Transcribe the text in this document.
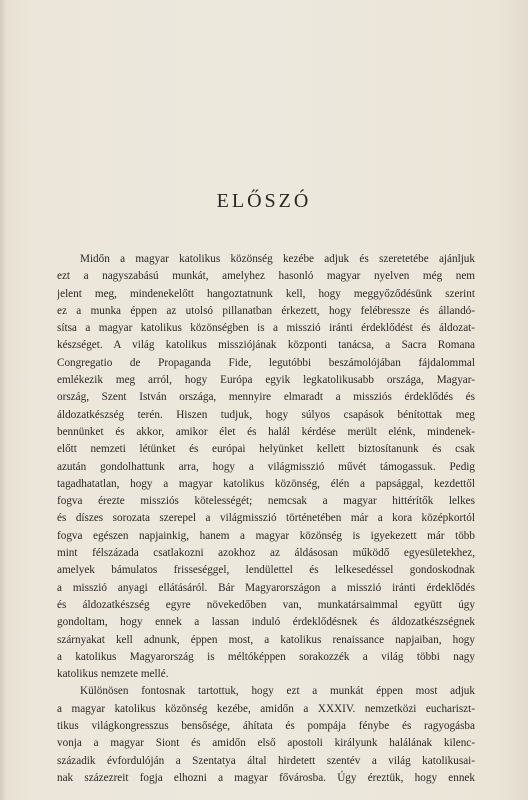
ELŐSZÓ
Midőn a magyar katolikus közönség kezébe adjuk és szeretetébe ajánljuk
ezt a nagyszabású munkát, amelyhez hasonló magyar nyelven még nem
jelent meg, mindenekelőtt hangoztatnunk kell, hogy meggyőződésünk szerint
ez a munka éppen az utolsó pillanatban érkezett, hogy felébressze és állandó-
sítsa a magyar katolikus közönségben is a misszió iránti érdeklődést és áldozat-
készséget. A világ katolikus missziójának központi tanácsa, a Sacra Romana
Congregatio de Propaganda Fide, legutóbbi beszámolójában fájdalommal
emlékezik meg arról, hogy Európa egyik legkatolikusabb országa, Magyar-
ország, Szent István országa, mennyire elmaradt a missziós érdeklődés és
áldozatkészség terén. Hiszen tudjuk, hogy súlyos csapások bénítottak meg
bennünket és akkor, amikor élet és halál kérdése merült elénk, mindenek-
előtt nemzeti létünket és európai helyünket kellett biztosítanunk és csak
azután gondolhattunk arra, hogy a világmisszió művét támogassuk. Pedig
tagadhatatlan, hogy a magyar katolikus közönség, élén a papsággal, kezdettől
fogva érezte missziós kötelességét; nemcsak a magyar hittérítők lelkes
és díszes sorozata szerepel a világmisszió történetében már a kora középkortól
fogva egészen napjainkig, hanem a magyar közönség is igyekezett már több
mint félszázada csatlakozni azokhoz az áldásosan működő egyesületekhez,
amelyek bámulatos frisseséggel, lendülettel és lelkesedéssel gondoskodnak
a misszió anyagi ellátásáról. Bár Magyarországon a misszió iránti érdeklődés
és áldozatkészség egyre növekedőben van, munkatársaimmal együtt úgy
gondoltam, hogy ennek a lassan induló érdeklődésnek és áldozatkészségnek
szárnyakat kell adnunk, éppen most, a katolikus renaissance napjaiban, hogy
a katolikus Magyarország is méltóképpen sorakozzék a világ többi nagy
katolikus nemzete mellé.
Különösen fontosnak tartottuk, hogy ezt a munkát éppen most adjuk
a magyar katolikus közönség kezébe, amidőn a XXXIV. nemzetközi euchariszt-
tikus világkongresszus bensősége, áhítata és pompája fénybe és ragyogásba
vonja a magyar Siont és amidőn első apostoli királyunk halálának kilenc-
századik évfordulóján a Szentatya által hirdetett szentév a világ katolikusai-
nak százezreit fogja elhozni a magyar fővárosba. Úgy éreztük, hogy ennek
